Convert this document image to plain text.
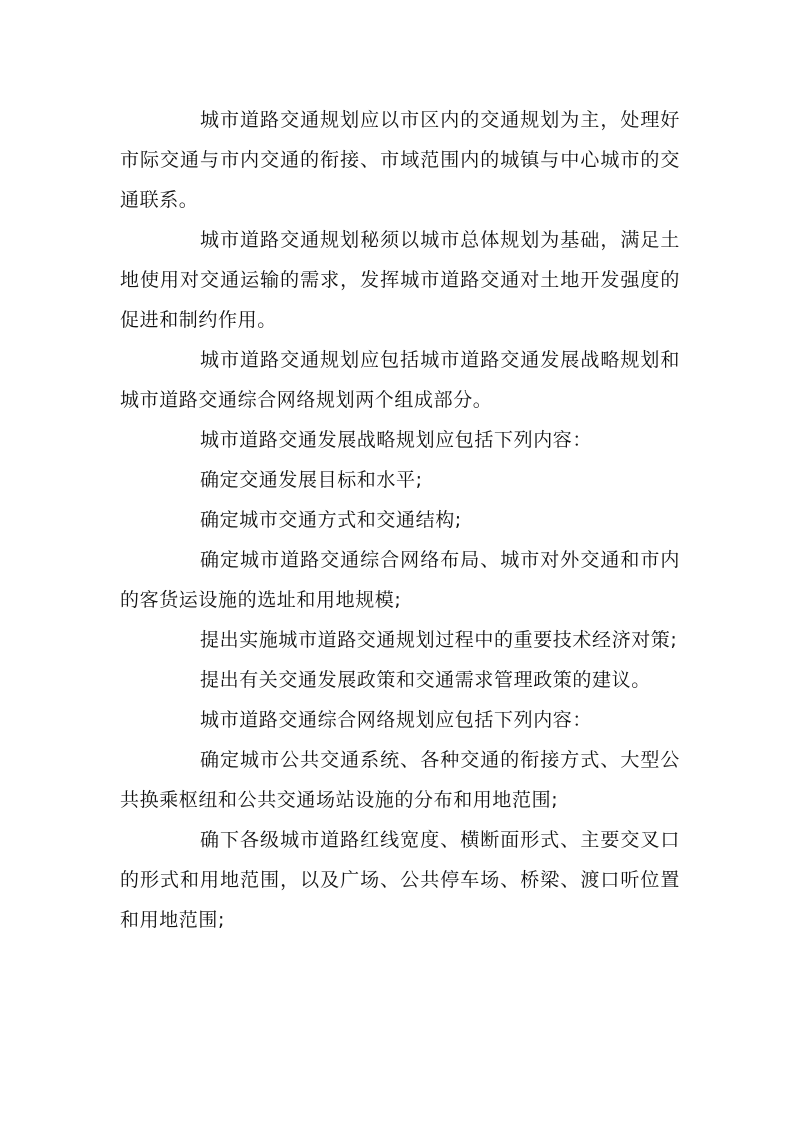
城市道路交通规划应以市区内的交通规划为主，处理好市际交通与市内交通的衔接、市域范围内的城镇与中心城市的交通联系。

城市道路交通规划秘须以城市总体规划为基础，满足土地使用对交通运输的需求，发挥城市道路交通对土地开发强度的促进和制约作用。

城市道路交通规划应包括城市道路交通发展战略规划和城市道路交通综合网络规划两个组成部分。

城市道路交通发展战略规划应包括下列内容：

确定交通发展目标和水平;

确定城市交通方式和交通结构;

确定城市道路交通综合网络布局、城市对外交通和市内的客货运设施的选址和用地规模;

提出实施城市道路交通规划过程中的重要技术经济对策;

提出有关交通发展政策和交通需求管理政策的建议。

城市道路交通综合网络规划应包括下列内容：

确定城市公共交通系统、各种交通的衔接方式、大型公共换乘枢纽和公共交通场站设施的分布和用地范围;

确下各级城市道路红线宽度、横断面形式、主要交叉口的形式和用地范围，以及广场、公共停车场、桥梁、渡口听位置和用地范围;
